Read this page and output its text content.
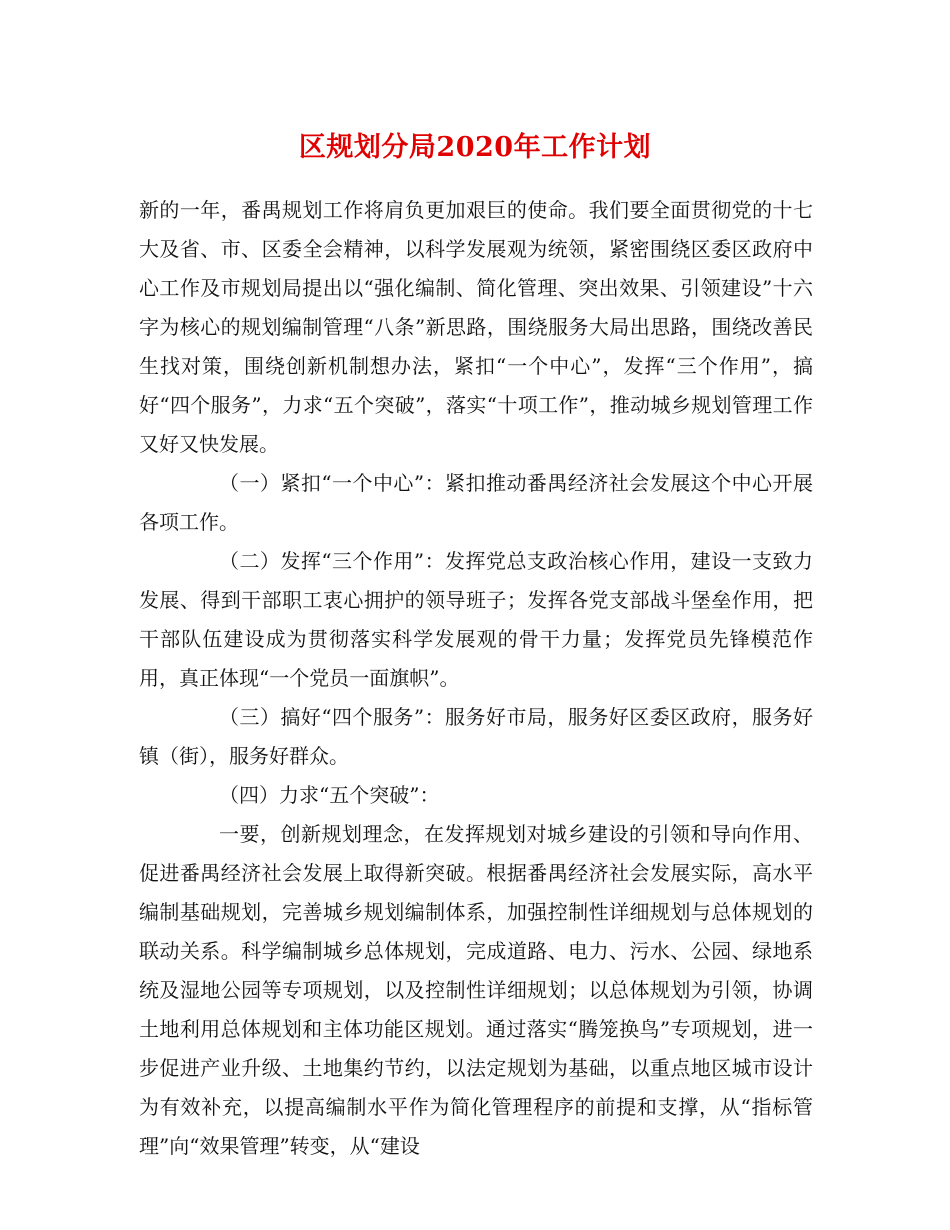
区规划分局2020年工作计划

新的一年，番禺规划工作将肩负更加艰巨的使命。我们要全面贯彻党的十七大及省、市、区委全会精神，以科学发展观为统领，紧密围绕区委区政府中心工作及市规划局提出以“强化编制、简化管理、突出效果、引领建设”十六字为核心的规划编制管理“八条”新思路，围绕服务大局出思路，围绕改善民生找对策，围绕创新机制想办法，紧扣“一个中心”，发挥“三个作用”，搞好“四个服务”，力求“五个突破”，落实“十项工作”，推动城乡规划管理工作又好又快发展。

（一）紧扣“一个中心”：紧扣推动番禺经济社会发展这个中心开展各项工作。

（二）发挥“三个作用”：发挥党总支政治核心作用，建设一支致力发展、得到干部职工衷心拥护的领导班子；发挥各党支部战斗堡垒作用，把干部队伍建设成为贯彻落实科学发展观的骨干力量；发挥党员先锋模范作用，真正体现“一个党员一面旗帜”。

（三）搞好“四个服务”：服务好市局，服务好区委区政府，服务好镇（街），服务好群众。

（四）力求“五个突破”：

一要，创新规划理念，在发挥规划对城乡建设的引领和导向作用、促进番禺经济社会发展上取得新突破。根据番禺经济社会发展实际，高水平编制基础规划，完善城乡规划编制体系，加强控制性详细规划与总体规划的联动关系。科学编制城乡总体规划，完成道路、电力、污水、公园、绿地系统及湿地公园等专项规划，以及控制性详细规划；以总体规划为引领，协调土地利用总体规划和主体功能区规划。通过落实“腾笼换鸟”专项规划，进一步促进产业升级、土地集约节约，以法定规划为基础，以重点地区城市设计为有效补充，以提高编制水平作为简化管理程序的前提和支撑，从“指标管理”向“效果管理”转变，从“建设
